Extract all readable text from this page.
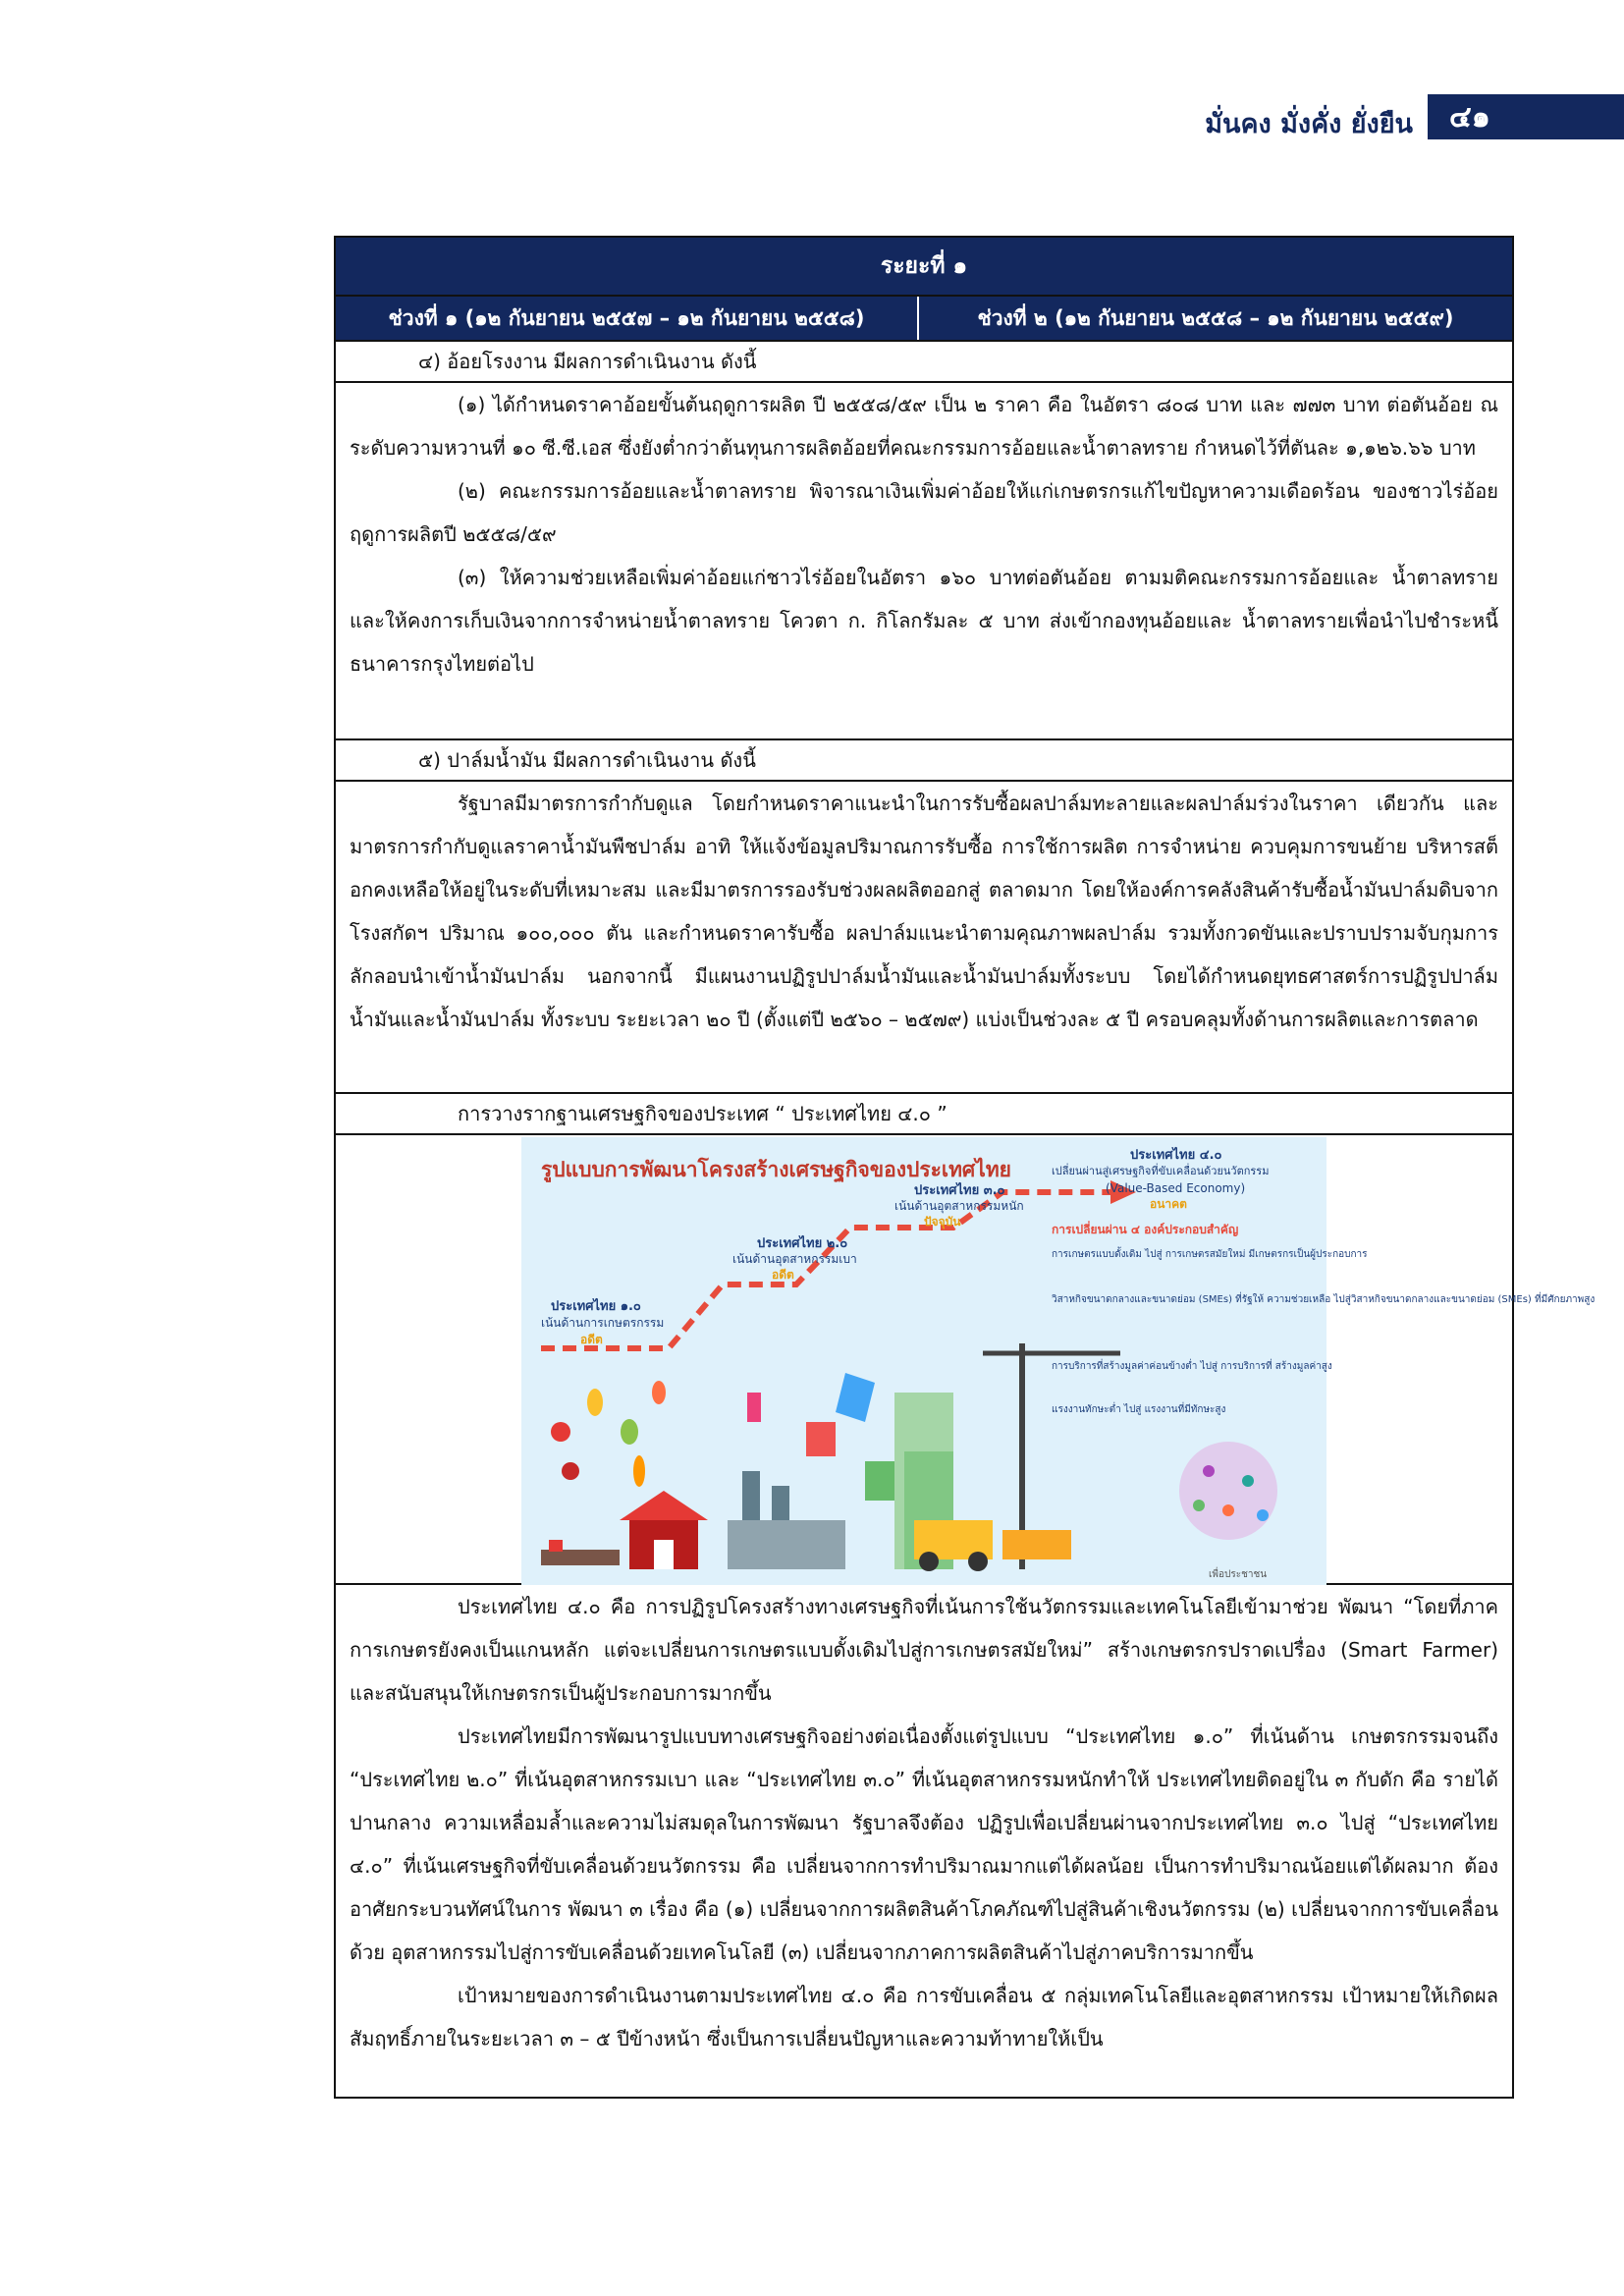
มั่นคง มั่งคั่ง ยั่งยืน	๔๑
ระยะที่ ๑
ช่วงที่ ๑ (๑๒ กันยายน ๒๕๕๗ – ๑๒ กันยายน ๒๕๕๘)	ช่วงที่ ๒ (๑๒ กันยายน ๒๕๕๘ – ๑๒ กันยายน ๒๕๕๙)
๔) อ้อยโรงงาน มีผลการดำเนินงาน ดังนี้

(๑) ได้กำหนดราคาอ้อยขั้นต้นฤดูการผลิต ปี ๒๕๕๘/๕๙ เป็น ๒ ราคา คือ ในอัตรา ๘๐๘ บาท และ ๗๗๓ บาท ต่อตันอ้อย ณ ระดับความหวานที่ ๑๐ ซี.ซี.เอส ซึ่งยังต่ำกว่าต้นทุนการผลิตอ้อยที่คณะกรรมการอ้อยและน้ำตาลทราย กำหนดไว้ที่ตันละ ๑,๑๒๖.๖๖ บาท

(๒) คณะกรรมการอ้อยและน้ำตาลทราย พิจารณาเงินเพิ่มค่าอ้อยให้แก่เกษตรกรแก้ไขปัญหาความเดือดร้อน ของชาวไร่อ้อยฤดูการผลิตปี ๒๕๕๘/๕๙

(๓) ให้ความช่วยเหลือเพิ่มค่าอ้อยแก่ชาวไร่อ้อยในอัตรา ๑๖๐ บาทต่อตันอ้อย ตามมติคณะกรรมการอ้อยและ น้ำตาลทราย และให้คงการเก็บเงินจากการจำหน่ายน้ำตาลทราย โควตา ก. กิโลกรัมละ ๕ บาท ส่งเข้ากองทุนอ้อยและ น้ำตาลทรายเพื่อนำไปชำระหนี้ธนาคารกรุงไทยต่อไป

๕) ปาล์มน้ำมัน มีผลการดำเนินงาน ดังนี้

รัฐบาลมีมาตรการกำกับดูแล โดยกำหนดราคาแนะนำในการรับซื้อผลปาล์มทะลายและผลปาล์มร่วงในราคา เดียวกัน และมาตรการกำกับดูแลราคาน้ำมันพืชปาล์ม อาทิ ให้แจ้งข้อมูลปริมาณการรับซื้อ การใช้การผลิต การจำหน่าย ควบคุมการขนย้าย บริหารสต็อกคงเหลือให้อยู่ในระดับที่เหมาะสม และมีมาตรการรองรับช่วงผลผลิตออกสู่ ตลาดมาก โดยให้องค์การคลังสินค้ารับซื้อน้ำมันปาล์มดิบจากโรงสกัดฯ ปริมาณ ๑๐๐,๐๐๐ ตัน และกำหนดราคารับซื้อ ผลปาล์มแนะนำตามคุณภาพผลปาล์ม รวมทั้งกวดขันและปราบปรามจับกุมการลักลอบนำเข้าน้ำมันปาล์ม นอกจากนี้ มีแผนงานปฏิรูปปาล์มน้ำมันและน้ำมันปาล์มทั้งระบบ โดยได้กำหนดยุทธศาสตร์การปฏิรูปปาล์มน้ำมันและน้ำมันปาล์ม ทั้งระบบ ระยะเวลา ๒๐ ปี (ตั้งแต่ปี ๒๕๖๐ – ๒๕๗๙) แบ่งเป็นช่วงละ ๕ ปี ครอบคลุมทั้งด้านการผลิตและการตลาด

การวางรากฐานเศรษฐกิจของประเทศ “ ประเทศไทย ๔.๐ ”
รูปแบบการพัฒนาโครงสร้างเศรษฐกิจของประเทศไทย
ประเทศไทย ๑.๐
เน้นด้านการเกษตรกรรม
อดีต
ประเทศไทย ๒.๐
เน้นด้านอุตสาหกรรมเบา
อดีต
ประเทศไทย ๓.๐
เน้นด้านอุตสาหกรรมหนัก
ปัจจุบัน
ประเทศไทย ๔.๐
เปลี่ยนผ่านสู่เศรษฐกิจที่ขับเคลื่อนด้วยนวัตกรรม
(Value-Based Economy)
อนาคต
การเปลี่ยนผ่าน ๔ องค์ประกอบสำคัญ
การเกษตรแบบดั้งเดิม ไปสู่ การเกษตรสมัยใหม่ มีเกษตรกรเป็นผู้ประกอบการ
วิสาหกิจขนาดกลางและขนาดย่อม (SMEs) ที่รัฐให้ ความช่วยเหลือ ไปสู่วิสาหกิจขนาดกลางและขนาดย่อม (SMEs) ที่มีศักยภาพสูง
การบริการที่สร้างมูลค่าค่อนข้างต่ำ ไปสู่ การบริการที่ สร้างมูลค่าสูง
แรงงานทักษะต่ำ ไปสู่ แรงงานที่มีทักษะสูง
เพื่อประชาชน

ประเทศไทย ๔.๐ คือ การปฏิรูปโครงสร้างทางเศรษฐกิจที่เน้นการใช้นวัตกรรมและเทคโนโลยีเข้ามาช่วย พัฒนา “โดยที่ภาคการเกษตรยังคงเป็นแกนหลัก แต่จะเปลี่ยนการเกษตรแบบดั้งเดิมไปสู่การเกษตรสมัยใหม่” สร้างเกษตรกรปราดเปรื่อง (Smart Farmer) และสนับสนุนให้เกษตรกรเป็นผู้ประกอบการมากขึ้น

ประเทศไทยมีการพัฒนารูปแบบทางเศรษฐกิจอย่างต่อเนื่องตั้งแต่รูปแบบ “ประเทศไทย ๑.๐” ที่เน้นด้าน เกษตรกรรมจนถึง “ประเทศไทย ๒.๐” ที่เน้นอุตสาหกรรมเบา และ “ประเทศไทย ๓.๐” ที่เน้นอุตสาหกรรมหนักทำให้ ประเทศไทยติดอยู่ใน ๓ กับดัก คือ รายได้ปานกลาง ความเหลื่อมล้ำและความไม่สมดุลในการพัฒนา รัฐบาลจึงต้อง ปฏิรูปเพื่อเปลี่ยนผ่านจากประเทศไทย ๓.๐ ไปสู่ “ประเทศไทย ๔.๐” ที่เน้นเศรษฐกิจที่ขับเคลื่อนด้วยนวัตกรรม คือ เปลี่ยนจากการทำปริมาณมากแต่ได้ผลน้อย เป็นการทำปริมาณน้อยแต่ได้ผลมาก ต้องอาศัยกระบวนทัศน์ในการ พัฒนา ๓ เรื่อง คือ (๑) เปลี่ยนจากการผลิตสินค้าโภคภัณฑ์ไปสู่สินค้าเชิงนวัตกรรม (๒) เปลี่ยนจากการขับเคลื่อนด้วย อุตสาหกรรมไปสู่การขับเคลื่อนด้วยเทคโนโลยี (๓) เปลี่ยนจากภาคการผลิตสินค้าไปสู่ภาคบริการมากขึ้น

เป้าหมายของการดำเนินงานตามประเทศไทย ๔.๐ คือ การขับเคลื่อน ๕ กลุ่มเทคโนโลยีและอุตสาหกรรม เป้าหมายให้เกิดผลสัมฤทธิ์ภายในระยะเวลา ๓ – ๕ ปีข้างหน้า ซึ่งเป็นการเปลี่ยนปัญหาและความท้าทายให้เป็น
